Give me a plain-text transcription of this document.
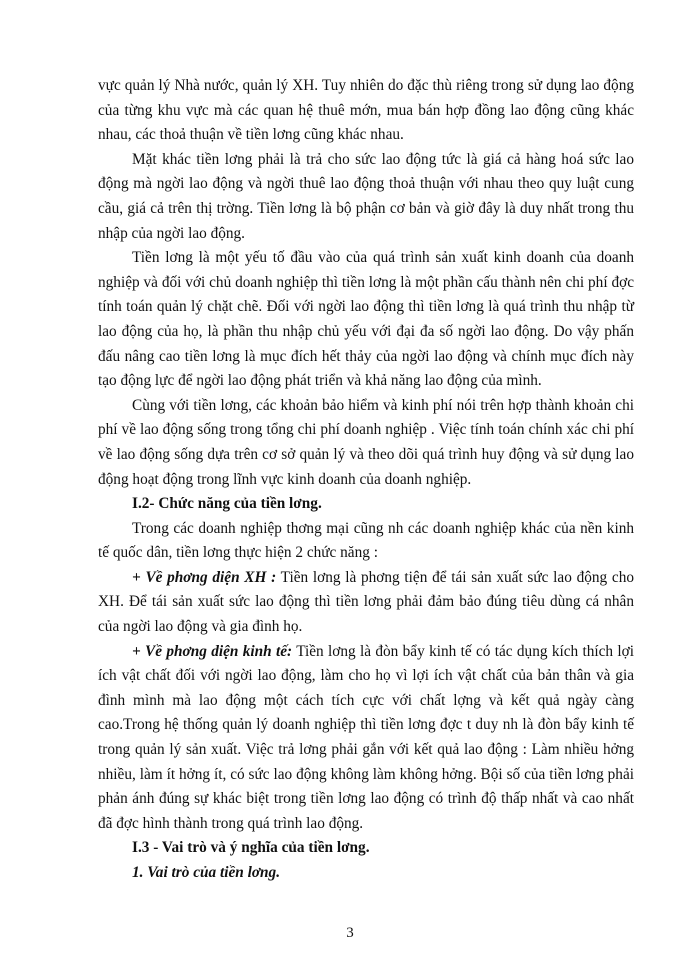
vực quản lý Nhà nước, quản lý XH. Tuy nhiên do đặc thù riêng trong sử dụng lao động của từng khu vực mà các quan hệ thuê mớn, mua bán hợp đồng lao động cũng khác nhau, các thoả thuận về tiền lơng cũng khác nhau.

Mặt khác tiền lơng phải là trả cho sức lao động tức là giá cả hàng hoá sức lao động mà ngời lao động và ngời thuê lao động thoả thuận với nhau theo quy luật cung cầu, giá cả trên thị trờng. Tiền lơng là bộ phận cơ bản và giờ đây là duy nhất trong thu nhập của ngời lao động.

Tiền lơng là một yếu tố đầu vào của quá trình sản xuất kinh doanh của doanh nghiệp và đối với chủ doanh nghiệp thì tiền lơng là một phần cấu thành nên chi phí đợc tính toán quản lý chặt chẽ. Đối với ngời lao động thì tiền lơng là quá trình thu nhập từ lao động của họ, là phần thu nhập chủ yếu với đại đa số ngời lao động. Do vậy phấn đấu nâng cao tiền lơng là mục đích hết thảy của ngời lao động và chính mục đích này tạo động lực để ngời lao động phát triển và khả năng lao động của mình.

Cùng với tiền lơng, các khoản bảo hiểm và kinh phí nói trên hợp thành khoản chi phí về lao động sống trong tổng chi phí doanh nghiệp . Việc tính toán chính xác chi phí về lao động sống dựa trên cơ sở quản lý và theo dõi quá trình huy động và sử dụng lao động hoạt động trong lĩnh vực kinh doanh của doanh nghiệp.

I.2- Chức năng của tiền lơng.

Trong các doanh nghiệp thơng mại cũng nh các doanh nghiệp khác của nền kinh tế quốc dân, tiền lơng thực hiện 2 chức năng :

+ Về phơng diện XH : Tiền lơng là phơng tiện để tái sản xuất sức lao động cho XH. Để tái sản xuất sức lao động thì tiền lơng phải đảm bảo đúng tiêu dùng cá nhân của ngời lao động và gia đình họ.

+ Về phơng diện kinh tế: Tiền lơng là đòn bẩy kinh tế có tác dụng kích thích lợi ích vật chất đối với ngời lao động, làm cho họ vì lợi ích vật chất của bản thân và gia đình mình mà lao động một cách tích cực với chất lợng và kết quả ngày càng cao.Trong hệ thống quản lý doanh nghiệp thì tiền lơng đợc t duy nh là đòn bẩy kinh tế trong quản lý sản xuất. Việc trả lơng phải gắn với kết quả lao động : Làm nhiều hởng nhiều, làm ít hởng ít, có sức lao động không làm không hởng. Bội số của tiền lơng phải phản ánh đúng sự khác biệt trong tiền lơng lao động có trình độ thấp nhất và cao nhất đã đợc hình thành trong quá trình lao động.

I.3 - Vai trò và ý nghĩa của tiền lơng.

1. Vai trò của tiền lơng.

3
